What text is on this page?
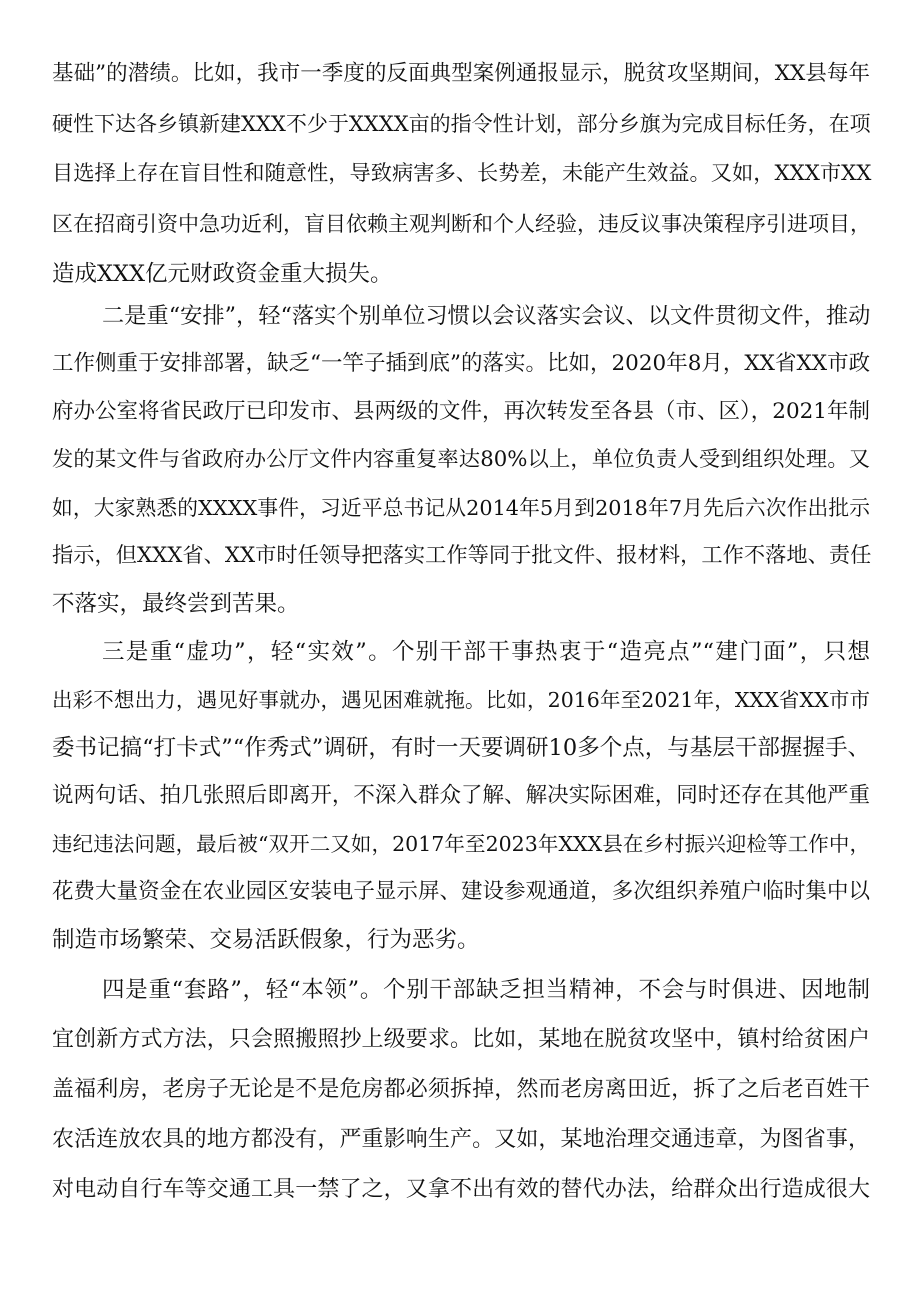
基础”的潜绩。比如，我市一季度的反面典型案例通报显示，脱贫攻坚期间，XX县每年
硬性下达各乡镇新建XXX不少于XXXX亩的指令性计划，部分乡旗为完成目标任务，在项
目选择上存在盲目性和随意性，导致病害多、长势差，未能产生效益。又如，XXX市XX
区在招商引资中急功近利，盲目依赖主观判断和个人经验，违反议事决策程序引进项目，
造成XXX亿元财政资金重大损失。
二是重“安排”，轻“落实个别单位习惯以会议落实会议、以文件贯彻文件，推动
工作侧重于安排部署，缺乏“一竿子插到底”的落实。比如，2020年8月，XX省XX市政
府办公室将省民政厅已印发市、县两级的文件，再次转发至各县（市、区），2021年制
发的某文件与省政府办公厅文件内容重复率达80%以上，单位负责人受到组织处理。又
如，大家熟悉的XXXX事件，习近平总书记从2014年5月到2018年7月先后六次作出批示
指示，但XXX省、XX市时任领导把落实工作等同于批文件、报材料，工作不落地、责任
不落实，最终尝到苦果。
三是重“虚功”，轻“实效”。个别干部干事热衷于“造亮点”“建门面”，只想
出彩不想出力，遇见好事就办，遇见困难就拖。比如，2016年至2021年，XXX省XX市市
委书记搞“打卡式”“作秀式”调研，有时一天要调研10多个点，与基层干部握握手、
说两句话、拍几张照后即离开，不深入群众了解、解决实际困难，同时还存在其他严重
违纪违法问题，最后被“双开二又如，2017年至2023年XXX县在乡村振兴迎检等工作中，
花费大量资金在农业园区安装电子显示屏、建设参观通道，多次组织养殖户临时集中以
制造市场繁荣、交易活跃假象，行为恶劣。
四是重“套路”，轻“本领”。个别干部缺乏担当精神，不会与时俱进、因地制
宜创新方式方法，只会照搬照抄上级要求。比如，某地在脱贫攻坚中，镇村给贫困户
盖福利房，老房子无论是不是危房都必须拆掉，然而老房离田近，拆了之后老百姓干
农活连放农具的地方都没有，严重影响生产。又如，某地治理交通违章，为图省事，
对电动自行车等交通工具一禁了之，又拿不出有效的替代办法，给群众出行造成很大
